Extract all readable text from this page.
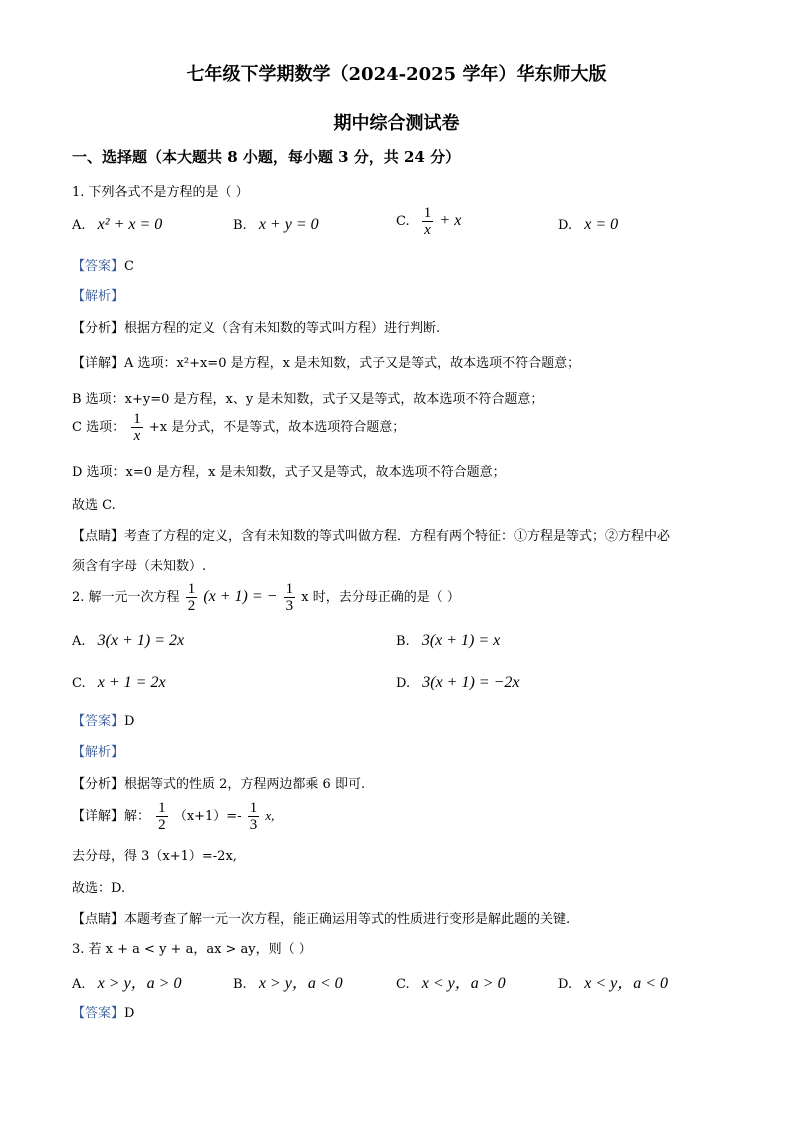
七年级下学期数学（2024-2025 学年）华东师大版
期中综合测试卷
一、选择题（本大题共 8 小题，每小题 3 分，共 24 分）
1. 下列各式不是方程的是（ ）
A. x² + x = 0	B. x + y = 0	C. $\frac{1}{x} + x$	D. x = 0
【答案】C
【解析】
【分析】根据方程的定义（含有未知数的等式叫方程）进行判断.
【详解】A 选项：x²+x=0 是方程，x 是未知数，式子又是等式，故本选项不符合题意；
B 选项：x+y=0 是方程，x、y 是未知数，式子又是等式，故本选项不符合题意；
C 选项： $\frac{1}{x} +x$ 是分式，不是等式，故本选项符合题意；
D 选项：x=0 是方程，x 是未知数，式子又是等式，故本选项不符合题意；
故选 C.
【点睛】考查了方程的定义，含有未知数的等式叫做方程．方程有两个特征：①方程是等式；②方程中必
须含有字母（未知数）.
2. 解一元一次方程 $\frac{1}{2} (x + 1)$ = − $\frac{1}{3}$ x 时，去分母正确的是（ ）
A. 3(x + 1) = 2x	B. 3(x + 1) = x
C. x + 1 = 2x	D. 3(x + 1) = −2x
【答案】D
【解析】
【分析】根据等式的性质 2，方程两边都乘 6 即可.
【详解】解： $\frac{1}{2} (x+1)=- \frac{1}{3} x$,
去分母，得 3（x+1）=-2x,
故选：D.
【点睛】本题考查了解一元一次方程，能正确运用等式的性质进行变形是解此题的关键.
3. 若 x + a < y + a，ax > ay，则（ ）
A. x > y，a > 0	B. x > y，a < 0	C. x < y，a > 0	D. x < y，a < 0
【答案】D
